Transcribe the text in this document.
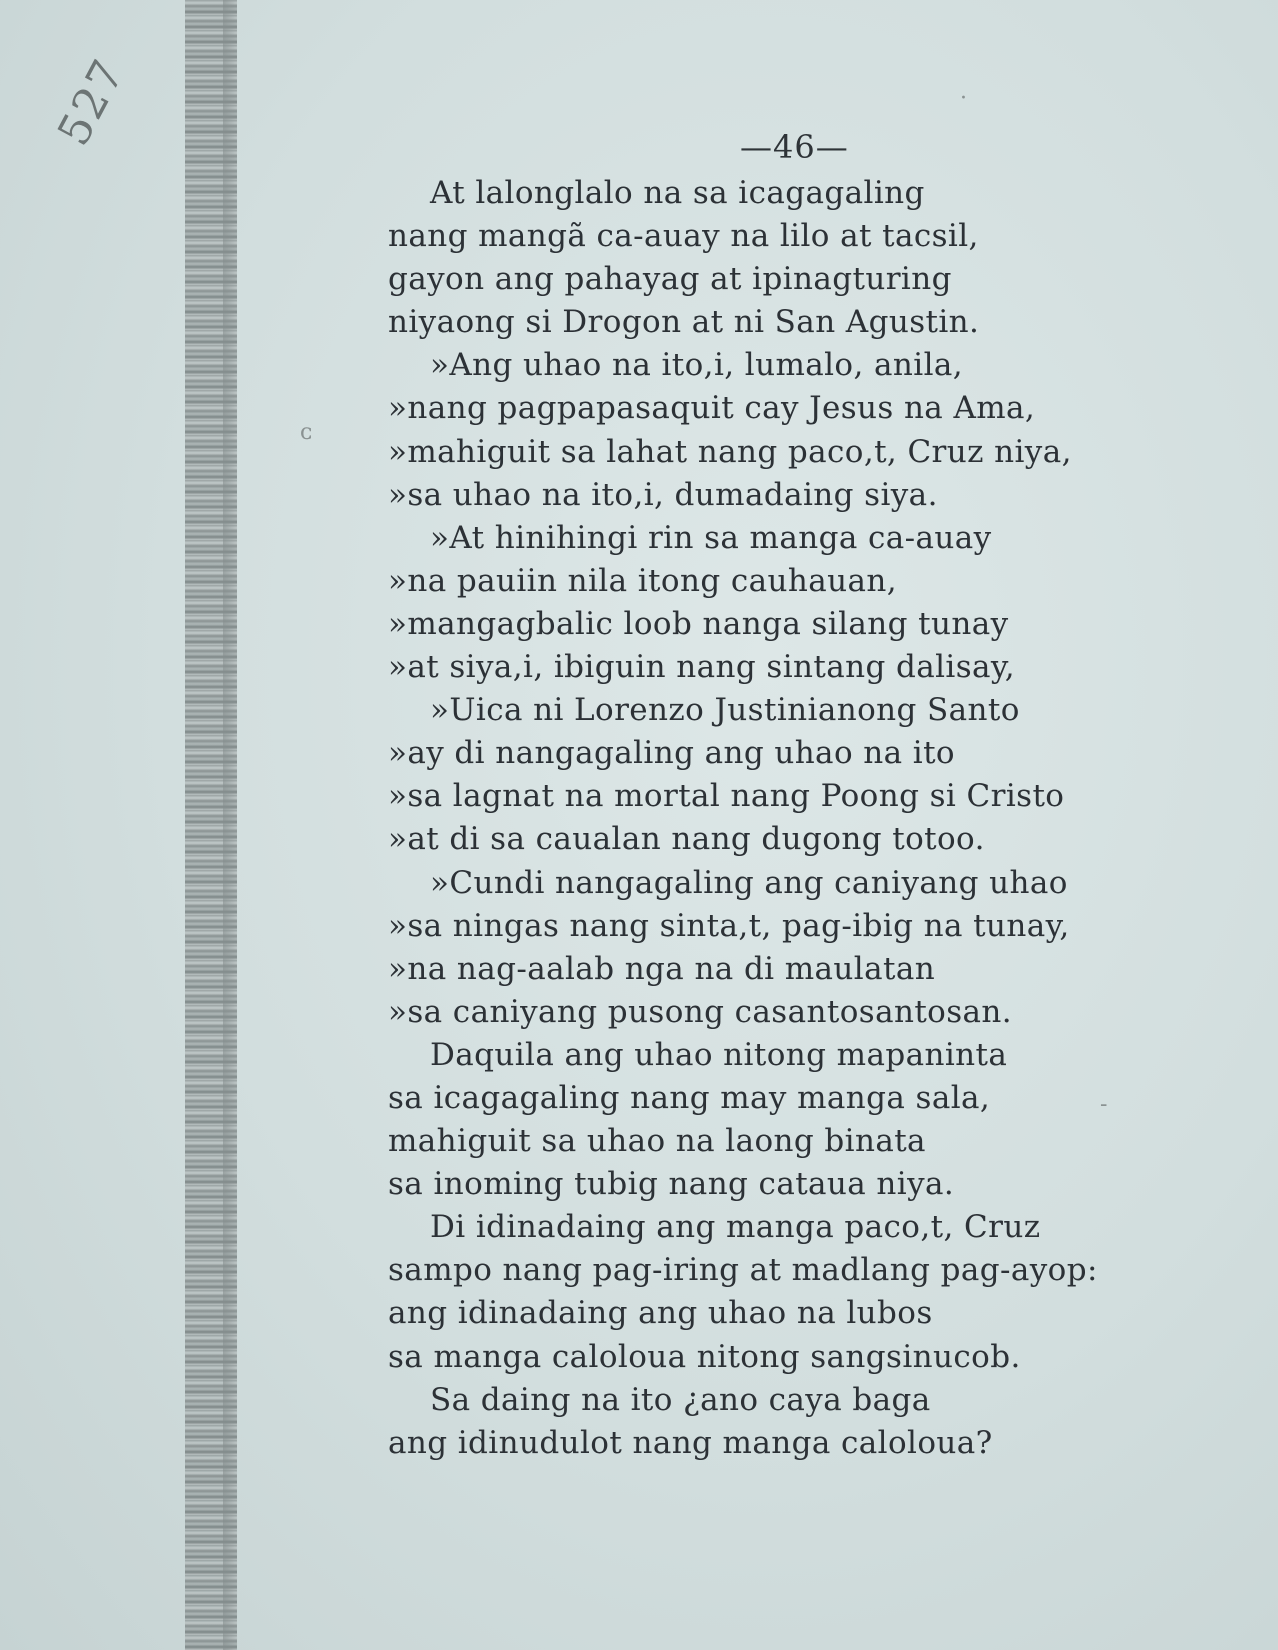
527	—46—
At lalonglalo na sa icagagaling
nang mangã ca-auay na lilo at tacsil,
gayon ang pahayag at ipinagturing
niyaong si Drogon at ni San Agustin.
»Ang uhao na ito,i, lumalo, anila,
»nang pagpapasaquit cay Jesus na Ama,
»mahiguit sa lahat nang paco,t, Cruz niya,
»sa uhao na ito,i, dumadaing siya.
»At hinihingi rin sa manga ca-auay
»na pauiin nila itong cauhauan,
»mangagbalic loob nanga silang tunay
»at siya,i, ibiguin nang sintang dalisay,
»Uica ni Lorenzo Justinianong Santo
»ay di nangagaling ang uhao na ito
»sa lagnat na mortal nang Poong si Cristo
»at di sa caualan nang dugong totoo.
»Cundi nangagaling ang caniyang uhao
»sa ningas nang sinta,t, pag-ibig na tunay,
»na nag-aalab nga na di maulatan
»sa caniyang pusong casantosantosan.
Daquila ang uhao nitong mapaninta
sa icagagaling nang may manga sala,
mahiguit sa uhao na laong binata
sa inoming tubig nang cataua niya.
Di idinadaing ang manga paco,t, Cruz
sampo nang pag-iring at madlang pag-ayop:
ang idinadaing ang uhao na lubos
sa manga caloloua nitong sangsinucob.
Sa daing na ito ¿ano caya baga
ang idinudulot nang manga caloloua?
ᴄ
-
·
